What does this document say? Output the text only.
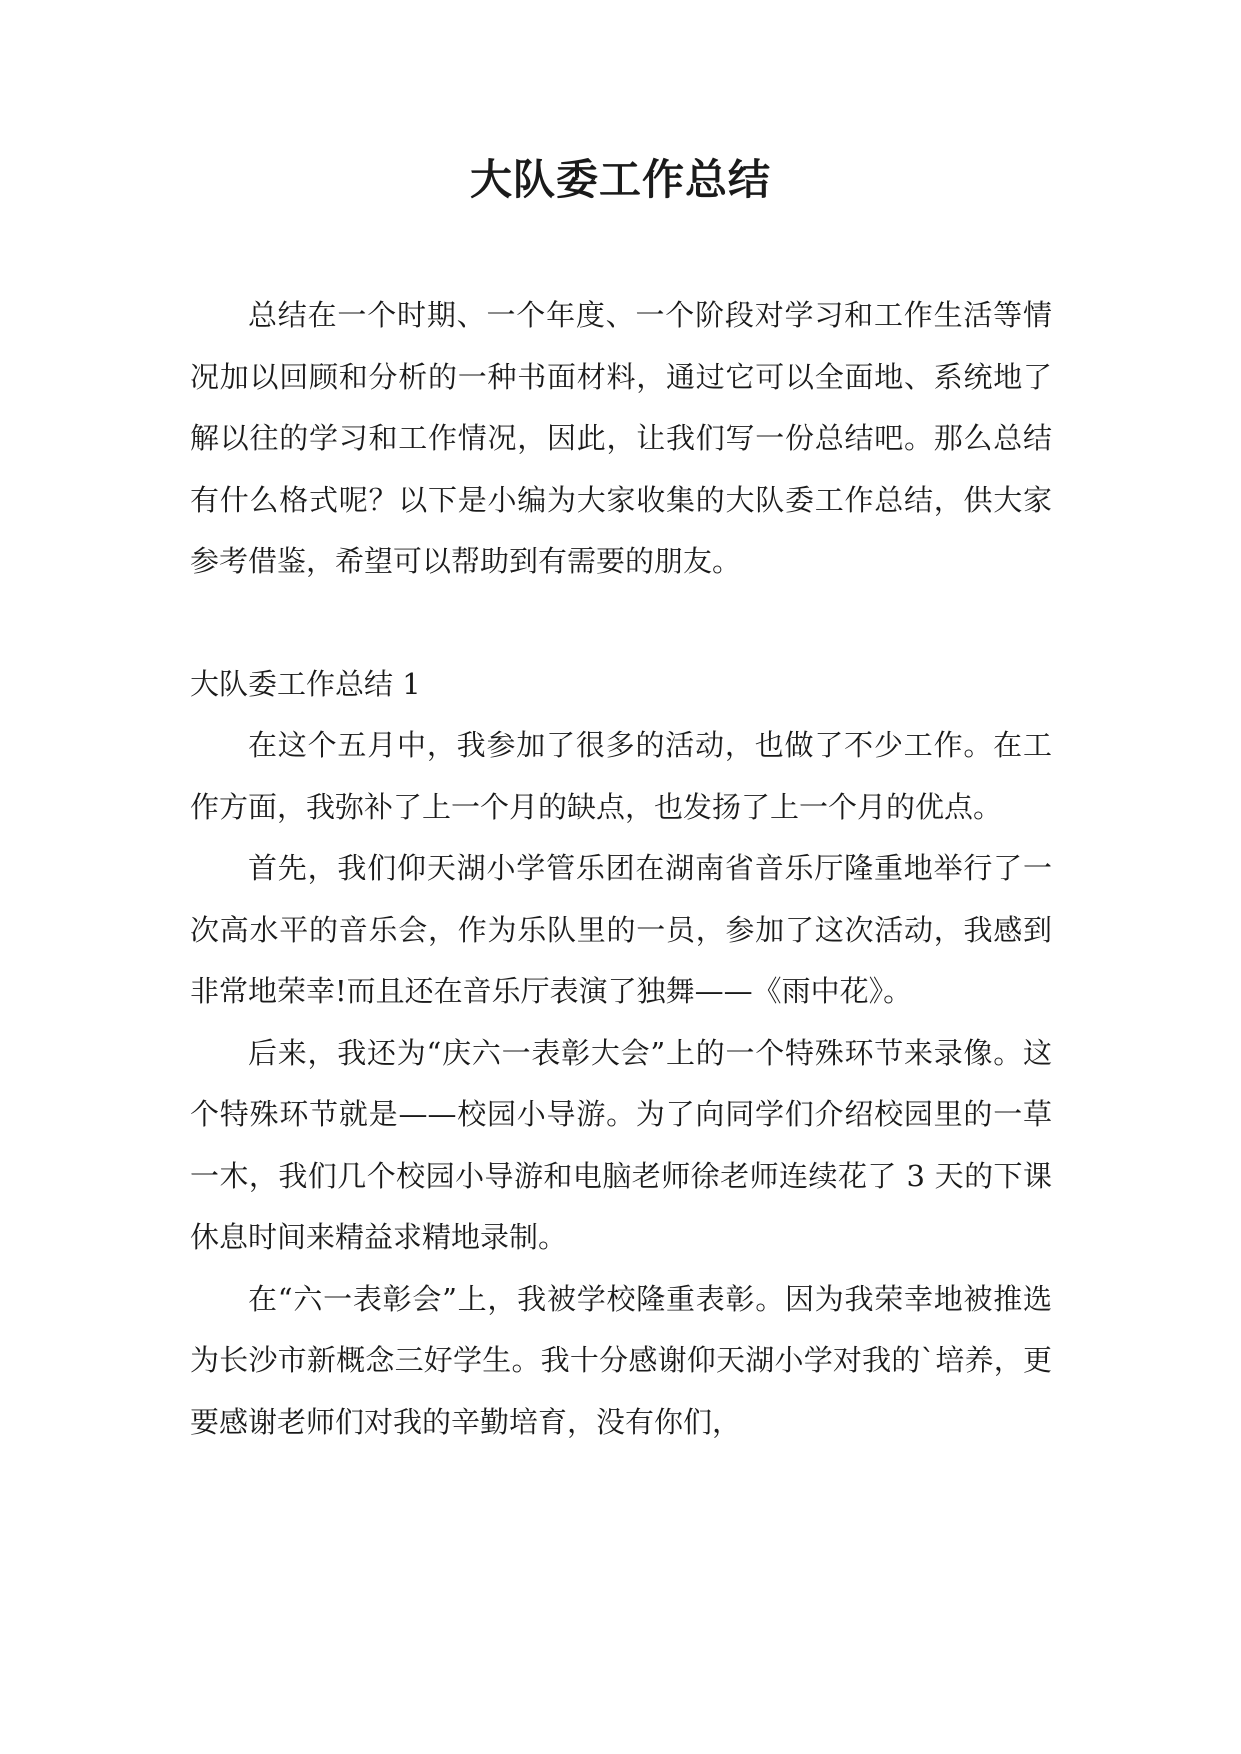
大队委工作总结

总结在一个时期、一个年度、一个阶段对学习和工作生活等情况加以回顾和分析的一种书面材料，通过它可以全面地、系统地了解以往的学习和工作情况，因此，让我们写一份总结吧。那么总结有什么格式呢？以下是小编为大家收集的大队委工作总结，供大家参考借鉴，希望可以帮助到有需要的朋友。

大队委工作总结 1

在这个五月中，我参加了很多的活动，也做了不少工作。在工作方面，我弥补了上一个月的缺点，也发扬了上一个月的优点。

首先，我们仰天湖小学管乐团在湖南省音乐厅隆重地举行了一次高水平的音乐会，作为乐队里的一员，参加了这次活动，我感到非常地荣幸!而且还在音乐厅表演了独舞——《雨中花》。

后来，我还为“庆六一表彰大会”上的一个特殊环节来录像。这个特殊环节就是——校园小导游。为了向同学们介绍校园里的一草一木，我们几个校园小导游和电脑老师徐老师连续花了 3 天的下课休息时间来精益求精地录制。

在“六一表彰会”上，我被学校隆重表彰。因为我荣幸地被推选为长沙市新概念三好学生。我十分感谢仰天湖小学对我的`培养，更要感谢老师们对我的辛勤培育，没有你们，
